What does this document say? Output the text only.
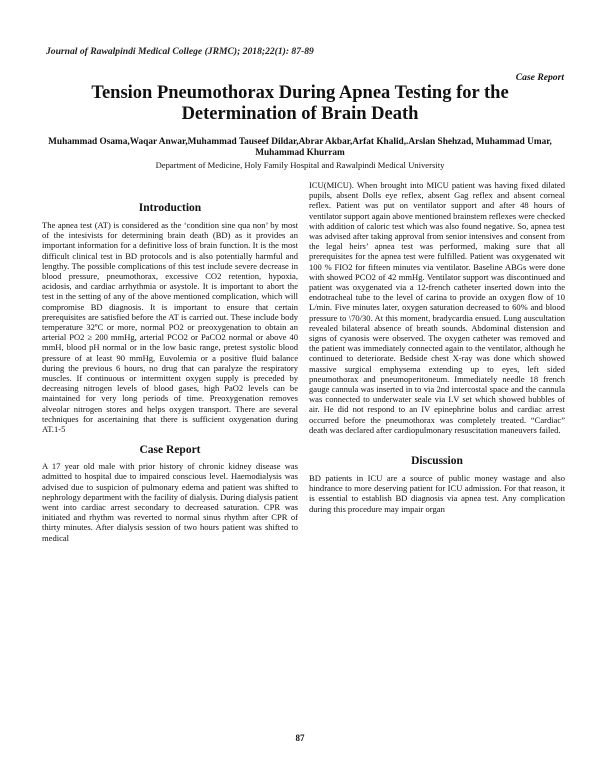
Journal of Rawalpindi Medical College (JRMC); 2018;22(1): 87-89
Case Report
Tension Pneumothorax During Apnea Testing for the Determination of Brain Death
Muhammad Osama,Waqar Anwar,Muhammad Tauseef Dildar,Abrar Akbar,Arfat Khalid,.Arslan Shehzad, Muhammad Umar, Muhammad Khurram
Department of Medicine, Holy Family Hospital and Rawalpindi Medical University
Introduction

The apnea test (AT) is considered as the ‘condition sine qua non’ by most of the intesivists for determining brain death (BD) as it provides an important information for a definitive loss of brain function. It is the most difficult clinical test in BD protocols and is also potentially harmful and lengthy. The possible complications of this test include severe decrease in blood pressure, pneumothorax, excessive CO2 retention, hypoxia, acidosis, and cardiac arrhythmia or asystole. It is important to abort the test in the setting of any of the above mentioned complication, which will compromise BD diagnosis. It is important to ensure that certain prerequisites are satisfied before the AT is carried out. These include body temperature 32ºC or more, normal PO2 or preoxygenation to obtain an arterial PO2 ≥ 200 mmHg, arterial PCO2 or PaCO2 normal or above 40 mmH, blood pH normal or in the low basic range, pretest systolic blood pressure of at least 90 mmHg, Euvolemia or a positive fluid balance during the previous 6 hours, no drug that can paralyze the respiratory muscles. If continuous or intermittent oxygen supply is preceded by decreasing nitrogen levels of blood gases, high PaO2 levels can be maintained for very long periods of time. Preoxygenation removes alveolar nitrogen stores and helps oxygen transport. There are several techniques for ascertaining that there is sufficient oxygenation during AT.1-5

Case Report

A 17 year old male with prior history of chronic kidney disease was admitted to hospital due to impaired conscious level. Haemodialysis was advised due to suspicion of pulmonary edema and patient was shifted to nephrology department with the facility of dialysis. During dialysis patient went into cardiac arrest secondary to decreased saturation. CPR was initiated and rhythm was reverted to normal sinus rhythm after CPR of thirty minutes. After dialysis session of two hours patient was shifted to medical

ICU(MICU). When brought into MICU patient was having fixed dilated pupils, absent Dolls eye reflex, absent Gag reflex and absent corneal reflex. Patient was put on ventilator support and after 48 hours of ventilator support again above mentioned brainstem reflexes were checked with addition of caloric test which was also found negative. So, apnea test was advised after taking approval from senior intensives and consent from the legal heirs’ apnea test was performed, making sure that all prerequisites for the apnea test were fulfilled. Patient was oxygenated wit 100 % FIO2 for fifteen minutes via ventilator. Baseline ABGs were done with showed PCO2 of 42 mmHg. Ventilator support was discontinued and patient was oxygenated via a 12-french catheter inserted down into the endotracheal tube to the level of carina to provide an oxygen flow of 10 L/min. Five minutes later, oxygen saturation decreased to 60% and blood pressure to \70/30. At this moment, bradycardia ensued. Lung auscultation revealed bilateral absence of breath sounds. Abdominal distension and signs of cyanosis were observed. The oxygen catheter was removed and the patient was immediately connected again to the ventilator, although he continued to deteriorate. Bedside chest X-ray was done which showed massive surgical emphysema extending up to eyes, left sided pneumothorax and pneumoperitoneum. Immediately needle 18 french gauge cannula was inserted in to via 2nd intercostal space and the cannula was connected to underwater seale via I.V set which showed bubbles of air. He did not respond to an IV epinephrine bolus and cardiac arrest occurred before the pneumothorax was completely treated. “Cardiac” death was declared after cardiopulmonary resuscitation maneuvers failed.

Discussion

BD patients in ICU are a source of public money wastage and also hindrance to more deserving patient for ICU admission. For that reason, it is essential to establish BD diagnosis via apnea test. Any complication during this procedure may impair organ

87
